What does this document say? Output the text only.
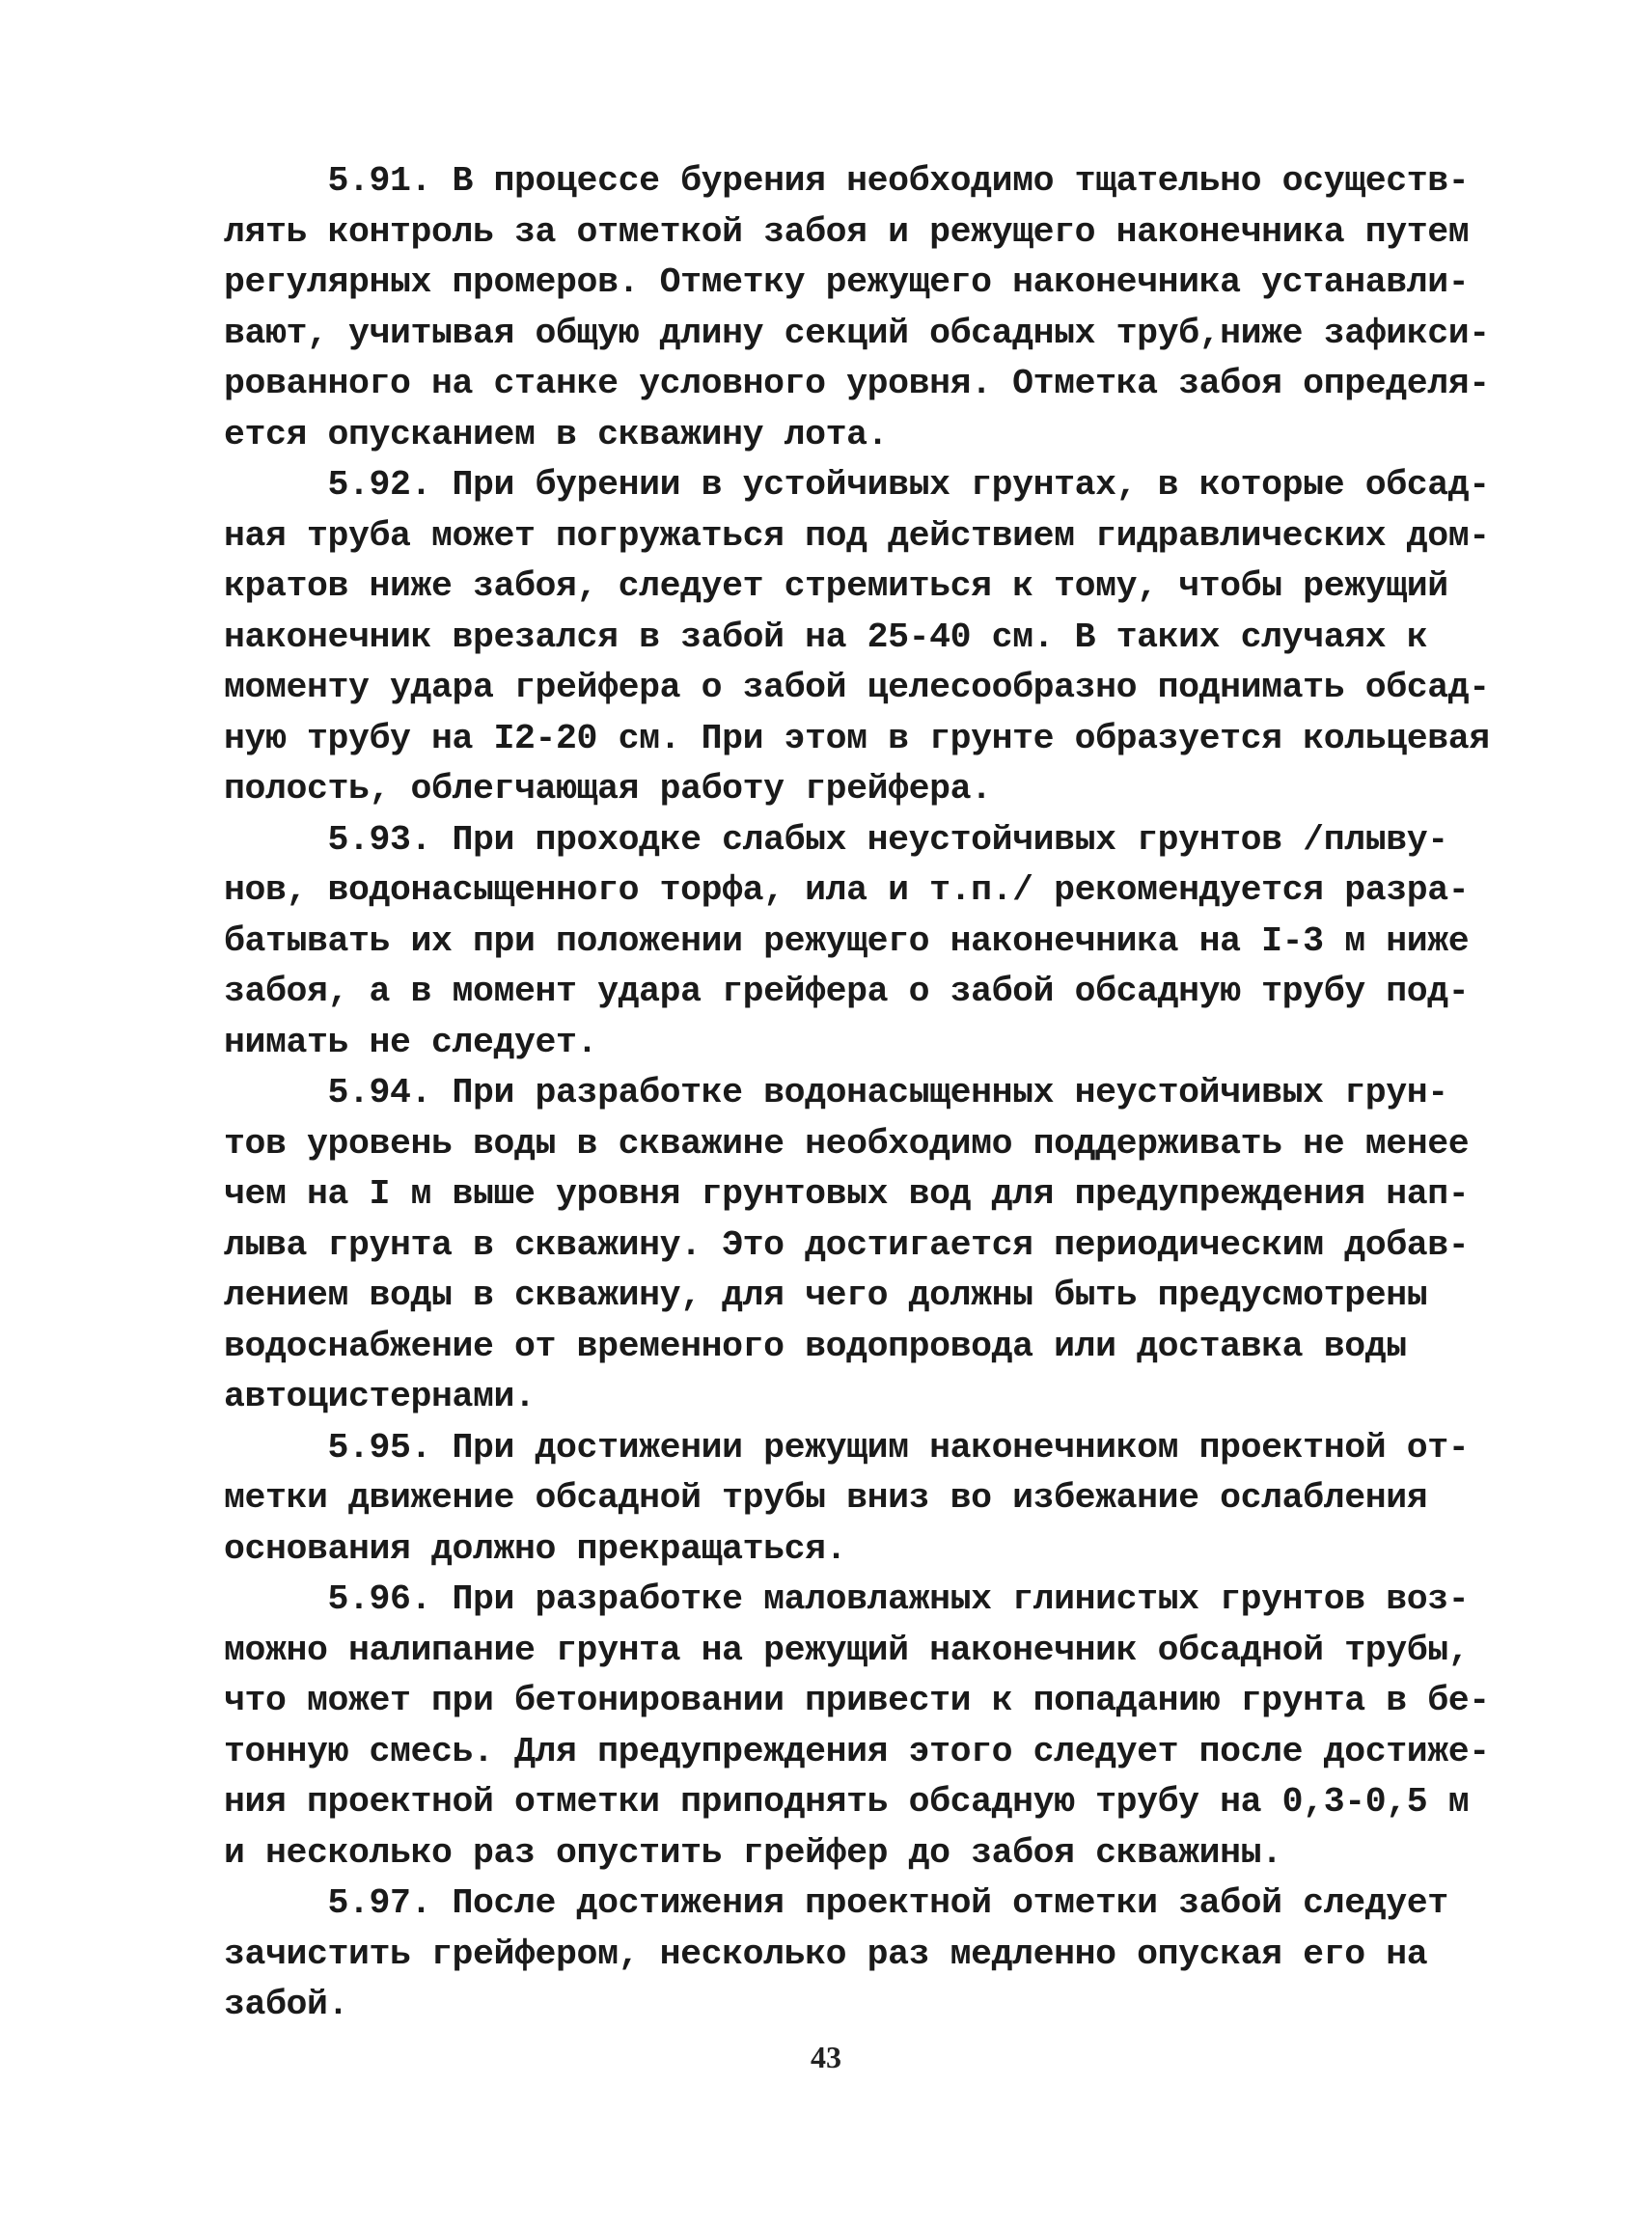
5.91. В процессе бурения необходимо тщательно осуществ-
лять контроль за отметкой забоя и режущего наконечника путем
регулярных промеров. Отметку режущего наконечника устанавли-
вают, учитывая общую длину секций обсадных труб,ниже зафикси-
рованного на станке условного уровня. Отметка забоя определя-
ется опусканием в скважину лота.
5.92. При бурении в устойчивых грунтах, в которые обсад-
ная труба может погружаться под действием гидравлических дом-
кратов ниже забоя, следует стремиться к тому, чтобы режущий
наконечник врезался в забой на 25-40 см. В таких случаях к
моменту удара грейфера о забой целесообразно поднимать обсад-
ную трубу на I2-20 см. При этом в грунте образуется кольцевая
полость, облегчающая работу грейфера.
5.93. При проходке слабых неустойчивых грунтов /плыву-
нов, водонасыщенного торфа, ила и т.п./ рекомендуется разра-
батывать их при положении режущего наконечника на I-3 м ниже
забоя, а в момент удара грейфера о забой обсадную трубу под-
нимать не следует.
5.94. При разработке водонасыщенных неустойчивых грун-
тов уровень воды в скважине необходимо поддерживать не менее
чем на I м выше уровня грунтовых вод для предупреждения нап-
лыва грунта в скважину. Это достигается периодическим добав-
лением воды в скважину, для чего должны быть предусмотрены
водоснабжение от временного водопровода или доставка воды
автоцистернами.
5.95. При достижении режущим наконечником проектной от-
метки движение обсадной трубы вниз во избежание ослабления
основания должно прекращаться.
5.96. При разработке маловлажных глинистых грунтов воз-
можно налипание грунта на режущий наконечник обсадной трубы,
что может при бетонировании привести к попаданию грунта в бе-
тонную смесь. Для предупреждения этого следует после достиже-
ния проектной отметки приподнять обсадную трубу на 0,3-0,5 м
и несколько раз опустить грейфер до забоя скважины.
5.97. После достижения проектной отметки забой следует
зачистить грейфером, несколько раз медленно опуская его на
забой.
43
